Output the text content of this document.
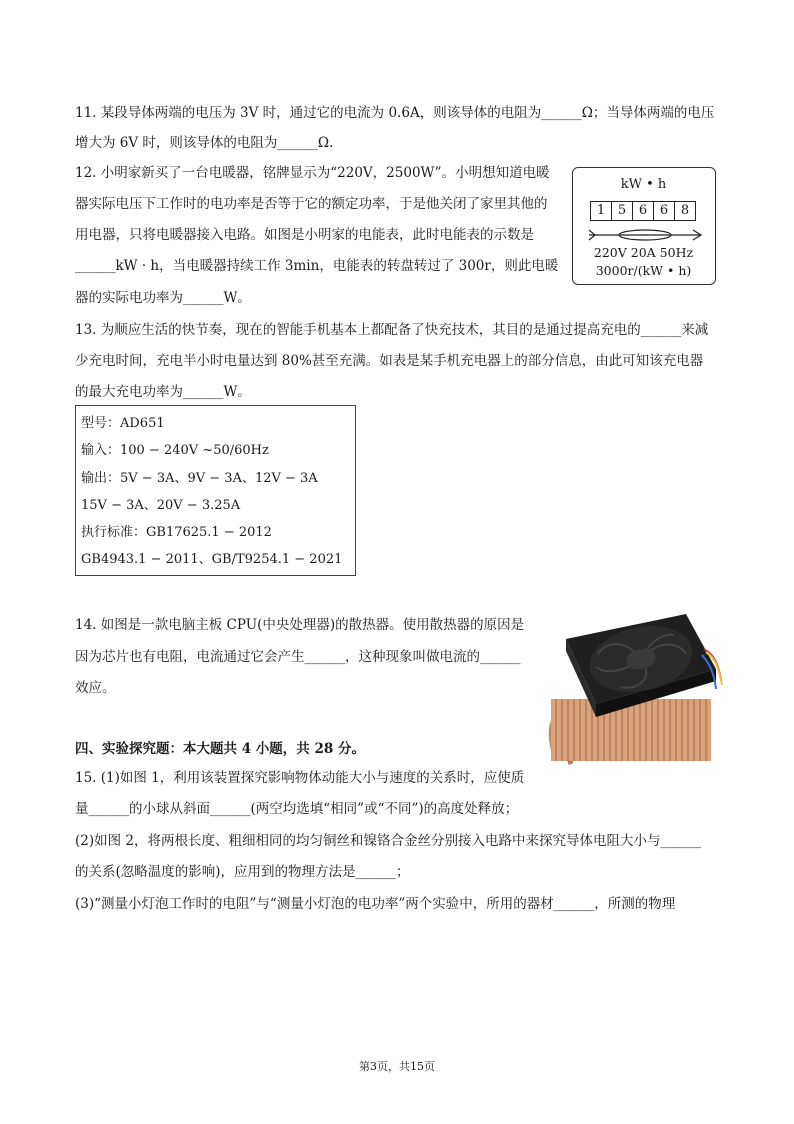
11. 某段导体两端的电压为 3V 时，通过它的电流为 0.6A，则该导体的电阻为______Ω；当导体两端的电压
增大为 6V 时，则该导体的电阻为______Ω.
12. 小明家新买了一台电暖器，铭牌显示为“220V，2500W”。小明想知道电暖
器实际电压下工作时的电功率是否等于它的额定功率，于是他关闭了家里其他的
用电器，只将电暖器接入电路。如图是小明家的电能表，此时电能表的示数是
______kW · h，当电暖器持续工作 3min，电能表的转盘转过了 300r，则此电暖
器的实际电功率为______W。
kW • h
1 5 6 6 8
220V 20A 50Hz
3000r/(kW • h)
13. 为顺应生活的快节奏，现在的智能手机基本上都配备了快充技术，其目的是通过提高充电的______来减
少充电时间，充电半小时电量达到 80%甚至充满。如表是某手机充电器上的部分信息，由此可知该充电器
的最大充电功率为______W。
型号：AD651
输入：100 − 240V ~50/60Hz
输出：5V − 3A、9V − 3A、12V − 3A
15V − 3A、20V − 3.25A
执行标准：GB17625.1 − 2012
GB4943.1 − 2011、GB/T9254.1 − 2021
14. 如图是一款电脑主板 CPU(中央处理器)的散热器。使用散热器的原因是
因为芯片也有电阻，电流通过它会产生______，这种现象叫做电流的______
效应。
四、实验探究题：本大题共 4 小题，共 28 分。
15. (1)如图 1，利用该装置探究影响物体动能大小与速度的关系时，应使质
量______的小球从斜面______(两空均选填“相同”或“不同”)的高度处释放；
(2)如图 2，将两根长度、粗细相同的均匀铜丝和镍铬合金丝分别接入电路中来探究导体电阻大小与______
的关系(忽略温度的影响)，应用到的物理方法是______；
(3)“测量小灯泡工作时的电阻”与“测量小灯泡的电功率”两个实验中，所用的器材______，所测的物理
第3页，共15页
